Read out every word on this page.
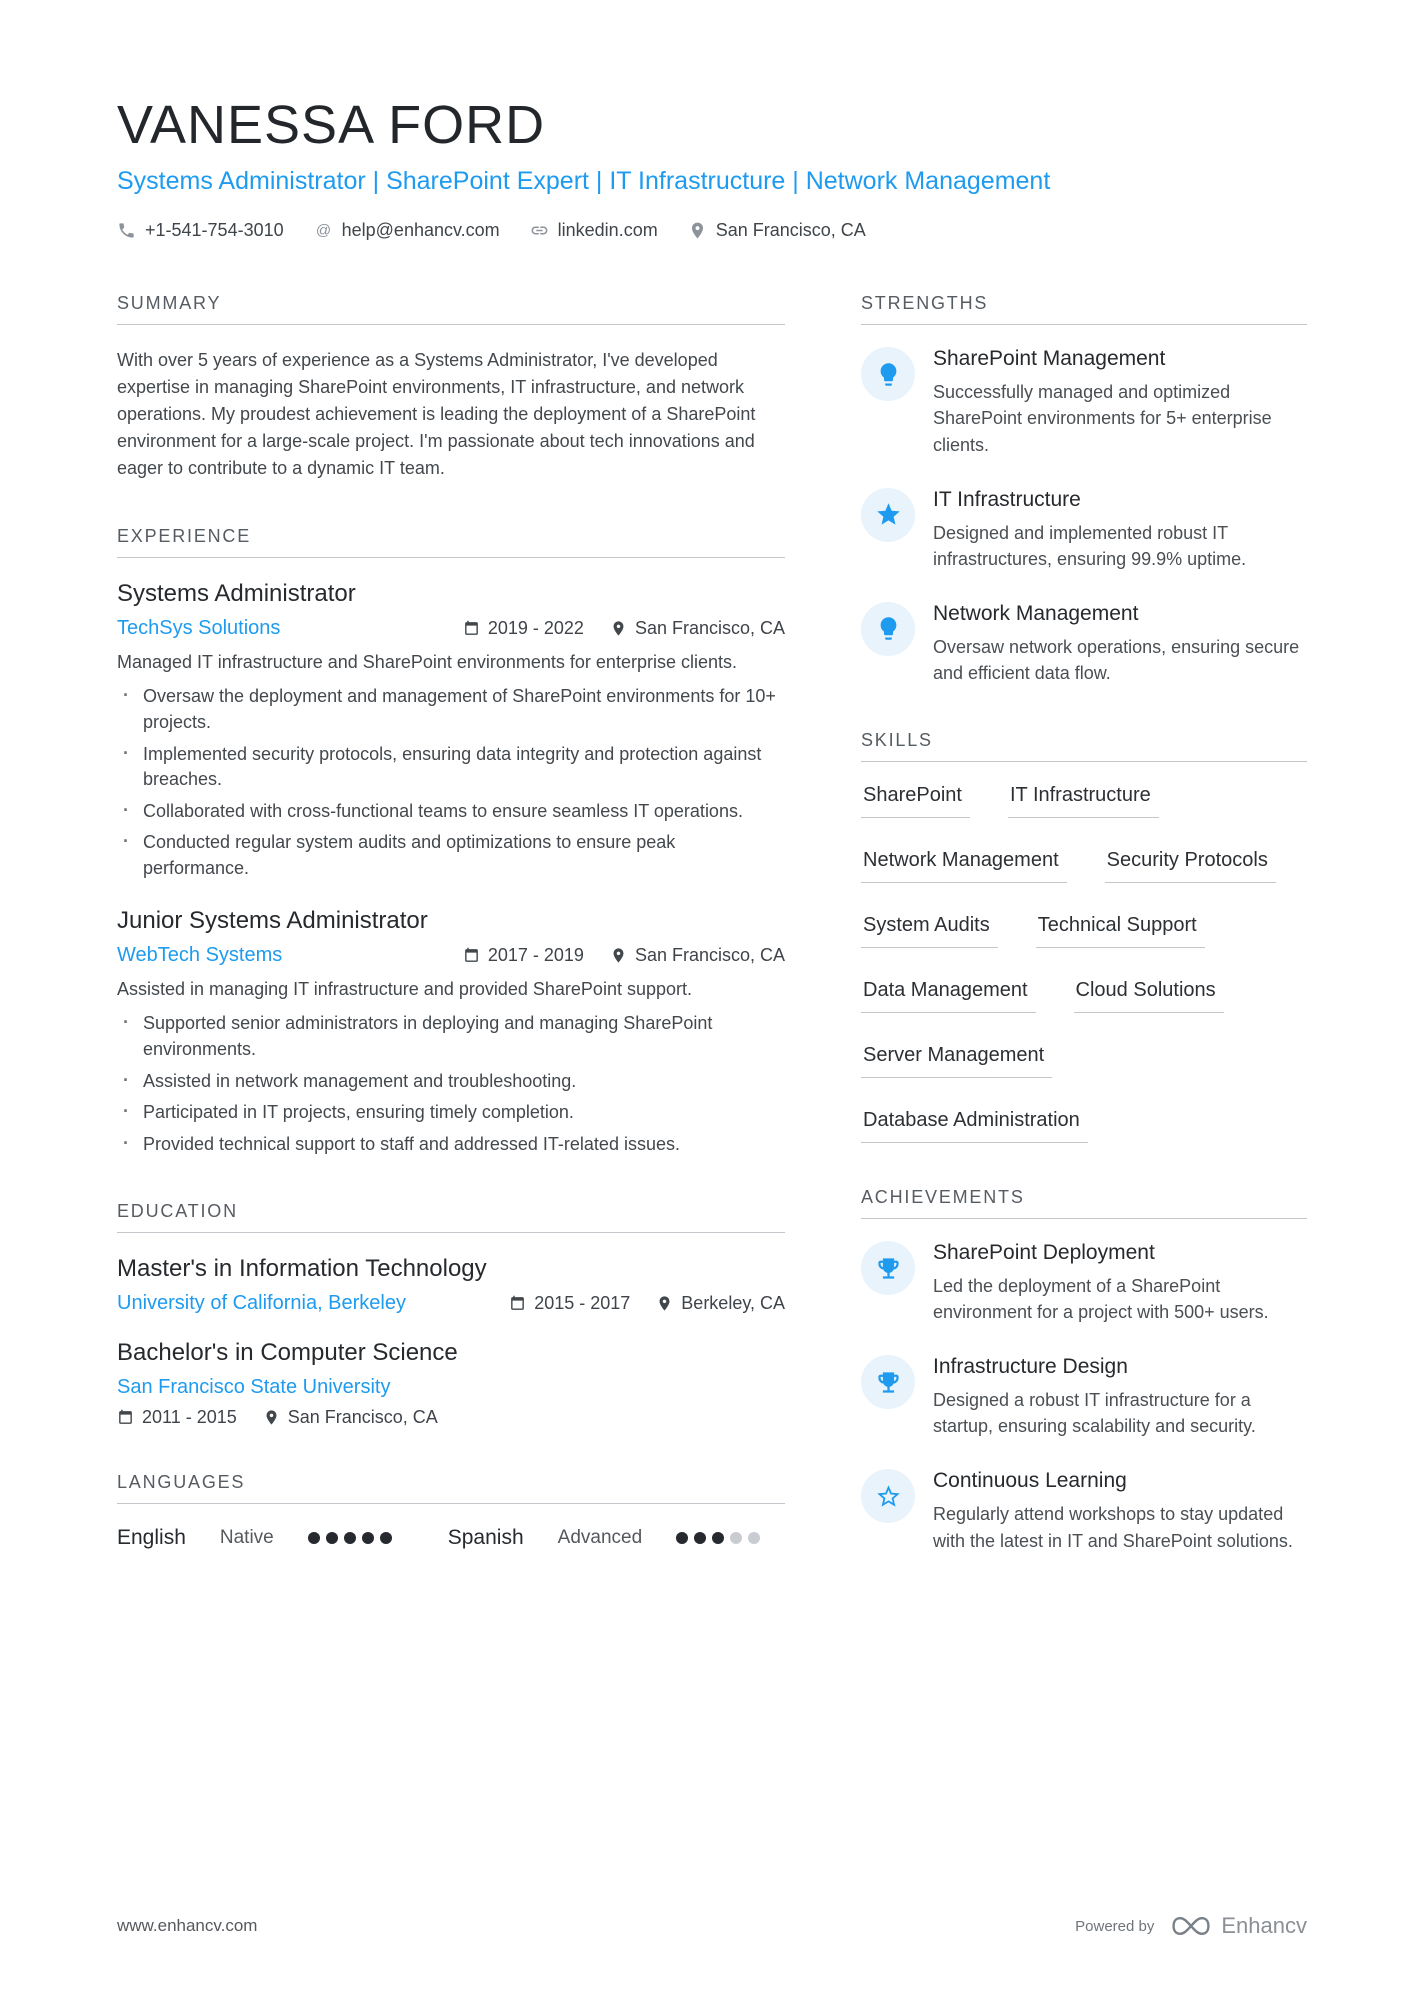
VANESSA FORD
Systems Administrator | SharePoint Expert | IT Infrastructure | Network Management
+1-541-754-3010 @ help@enhancv.com	linkedin.com	San Francisco, CA
SUMMARY

With over 5 years of experience as a Systems Administrator, I've developed expertise in managing SharePoint environments, IT infrastructure, and network operations. My proudest achievement is leading the deployment of a SharePoint environment for a large-scale project. I'm passionate about tech innovations and eager to contribute to a dynamic IT team.

EXPERIENCE
Systems Administrator
TechSys Solutions	2019 - 2022	San Francisco, CA

Managed IT infrastructure and SharePoint environments for enterprise clients.

· Oversaw the deployment and management of SharePoint environments for 10+ projects.
· Implemented security protocols, ensuring data integrity and protection against breaches.
· Collaborated with cross-functional teams to ensure seamless IT operations.
· Conducted regular system audits and optimizations to ensure peak performance.
Junior Systems Administrator
WebTech Systems	2017 - 2019	San Francisco, CA

Assisted in managing IT infrastructure and provided SharePoint support.

· Supported senior administrators in deploying and managing SharePoint environments.
· Assisted in network management and troubleshooting.
· Participated in IT projects, ensuring timely completion.
· Provided technical support to staff and addressed IT-related issues.
EDUCATION
Master's in Information Technology
University of California, Berkeley	2015 - 2017	Berkeley, CA
Bachelor's in Computer Science
San Francisco State University
2011 - 2015	San Francisco, CA
LANGUAGES
English Native	Spanish Advanced
STRENGTHS
SharePoint Management

Successfully managed and optimized SharePoint environments for 5+ enterprise clients.

IT Infrastructure

Designed and implemented robust IT infrastructures, ensuring 99.9% uptime.

Network Management

Oversaw network operations, ensuring secure and efficient data flow.

SKILLS
SharePoint	IT Infrastructure
Network Management	Security Protocols
System Audits	Technical Support
Data Management	Cloud Solutions
Server Management
Database Administration
ACHIEVEMENTS
SharePoint Deployment

Led the deployment of a SharePoint environment for a project with 500+ users.

Infrastructure Design

Designed a robust IT infrastructure for a startup, ensuring scalability and security.

Continuous Learning

Regularly attend workshops to stay updated with the latest in IT and SharePoint solutions.

www.enhancv.com	Powered by	Enhancv
